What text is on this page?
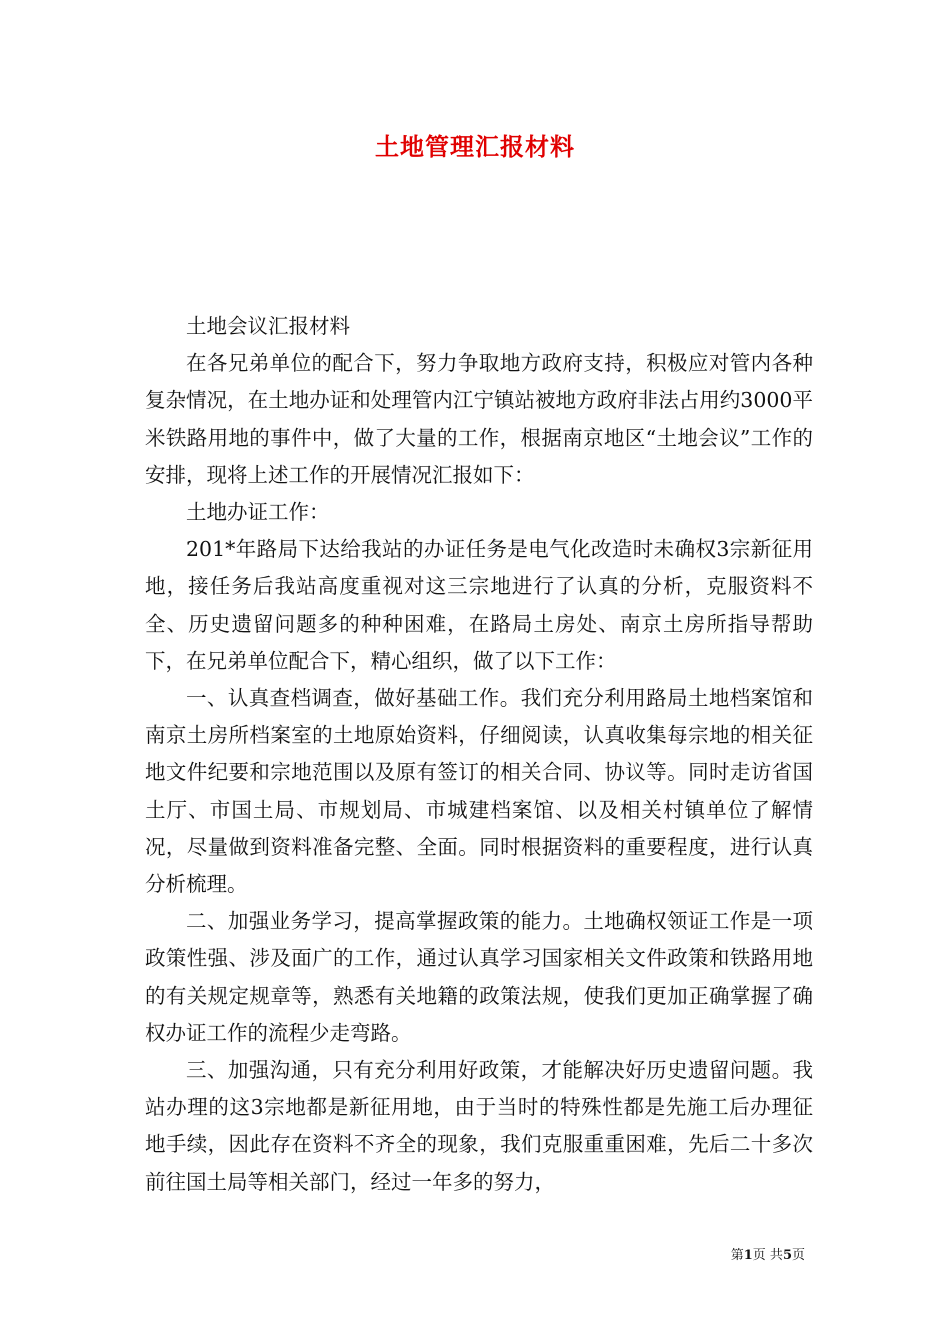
土地管理汇报材料

土地会议汇报材料

在各兄弟单位的配合下，努力争取地方政府支持，积极应对管内各种复杂情况，在土地办证和处理管内江宁镇站被地方政府非法占用约3000平米铁路用地的事件中，做了大量的工作，根据南京地区“土地会议”工作的安排，现将上述工作的开展情况汇报如下：

土地办证工作：

201*年路局下达给我站的办证任务是电气化改造时未确权3宗新征用地，接任务后我站高度重视对这三宗地进行了认真的分析，克服资料不全、历史遗留问题多的种种困难，在路局土房处、南京土房所指导帮助下，在兄弟单位配合下，精心组织，做了以下工作：

一、认真查档调查，做好基础工作。我们充分利用路局土地档案馆和南京土房所档案室的土地原始资料，仔细阅读，认真收集每宗地的相关征地文件纪要和宗地范围以及原有签订的相关合同、协议等。同时走访省国土厅、市国土局、市规划局、市城建档案馆、以及相关村镇单位了解情况，尽量做到资料准备完整、全面。同时根据资料的重要程度，进行认真分析梳理。

二、加强业务学习，提高掌握政策的能力。土地确权领证工作是一项政策性强、涉及面广的工作，通过认真学习国家相关文件政策和铁路用地的有关规定规章等，熟悉有关地籍的政策法规，使我们更加正确掌握了确权办证工作的流程少走弯路。

三、加强沟通，只有充分利用好政策，才能解决好历史遗留问题。我站办理的这3宗地都是新征用地，由于当时的特殊性都是先施工后办理征地手续，因此存在资料不齐全的现象，我们克服重重困难，先后二十多次前往国土局等相关部门，经过一年多的努力，

第1页 共5页
